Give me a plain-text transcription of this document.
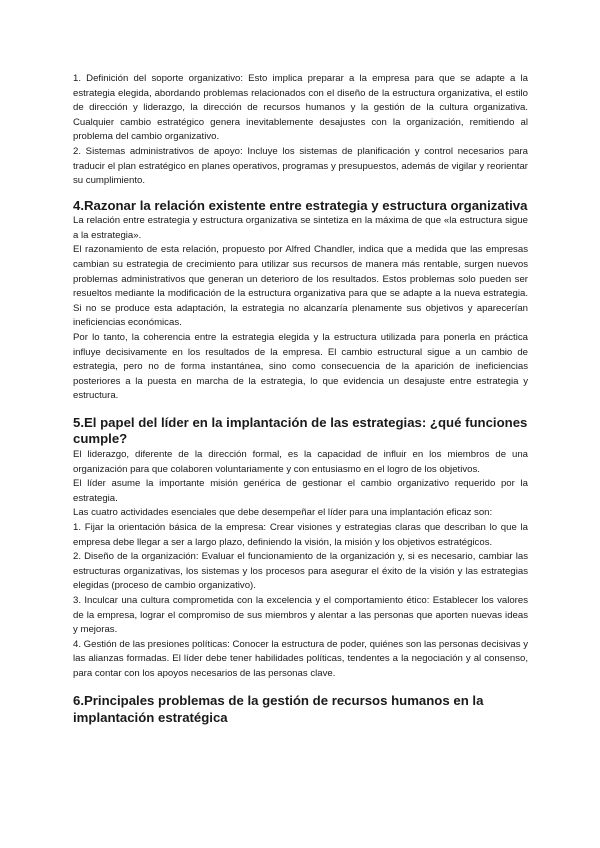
1. Definición del soporte organizativo: Esto implica preparar a la empresa para que se adapte a la estrategia elegida, abordando problemas relacionados con el diseño de la estructura organizativa, el estilo de dirección y liderazgo, la dirección de recursos humanos y la gestión de la cultura organizativa. Cualquier cambio estratégico genera inevitablemente desajustes con la organización, remitiendo al problema del cambio organizativo.

2. Sistemas administrativos de apoyo: Incluye los sistemas de planificación y control necesarios para traducir el plan estratégico en planes operativos, programas y presupuestos, además de vigilar y reorientar su cumplimiento.

4.Razonar la relación existente entre estrategia y estructura organizativa

La relación entre estrategia y estructura organizativa se sintetiza en la máxima de que «la estructura sigue a la estrategia».

El razonamiento de esta relación, propuesto por Alfred Chandler, indica que a medida que las empresas cambian su estrategia de crecimiento para utilizar sus recursos de manera más rentable, surgen nuevos problemas administrativos que generan un deterioro de los resultados. Estos problemas solo pueden ser resueltos mediante la modificación de la estructura organizativa para que se adapte a la nueva estrategia. Si no se produce esta adaptación, la estrategia no alcanzaría plenamente sus objetivos y aparecerían ineficiencias económicas.

Por lo tanto, la coherencia entre la estrategia elegida y la estructura utilizada para ponerla en práctica influye decisivamente en los resultados de la empresa. El cambio estructural sigue a un cambio de estrategia, pero no de forma instantánea, sino como consecuencia de la aparición de ineficiencias posteriores a la puesta en marcha de la estrategia, lo que evidencia un desajuste entre estrategia y estructura.

5.El papel del líder en la implantación de las estrategias: ¿qué funciones cumple?

El liderazgo, diferente de la dirección formal, es la capacidad de influir en los miembros de una organización para que colaboren voluntariamente y con entusiasmo en el logro de los objetivos.

El líder asume la importante misión genérica de gestionar el cambio organizativo requerido por la estrategia.

Las cuatro actividades esenciales que debe desempeñar el líder para una implantación eficaz son:

1. Fijar la orientación básica de la empresa: Crear visiones y estrategias claras que describan lo que la empresa debe llegar a ser a largo plazo, definiendo la visión, la misión y los objetivos estratégicos.

2. Diseño de la organización: Evaluar el funcionamiento de la organización y, si es necesario, cambiar las estructuras organizativas, los sistemas y los procesos para asegurar el éxito de la visión y las estrategias elegidas (proceso de cambio organizativo).

3. Inculcar una cultura comprometida con la excelencia y el comportamiento ético: Establecer los valores de la empresa, lograr el compromiso de sus miembros y alentar a las personas que aporten nuevas ideas y mejoras.

4. Gestión de las presiones políticas: Conocer la estructura de poder, quiénes son las personas decisivas y las alianzas formadas. El líder debe tener habilidades políticas, tendentes a la negociación y al consenso, para contar con los apoyos necesarios de las personas clave.

6.Principales problemas de la gestión de recursos humanos en la implantación estratégica
